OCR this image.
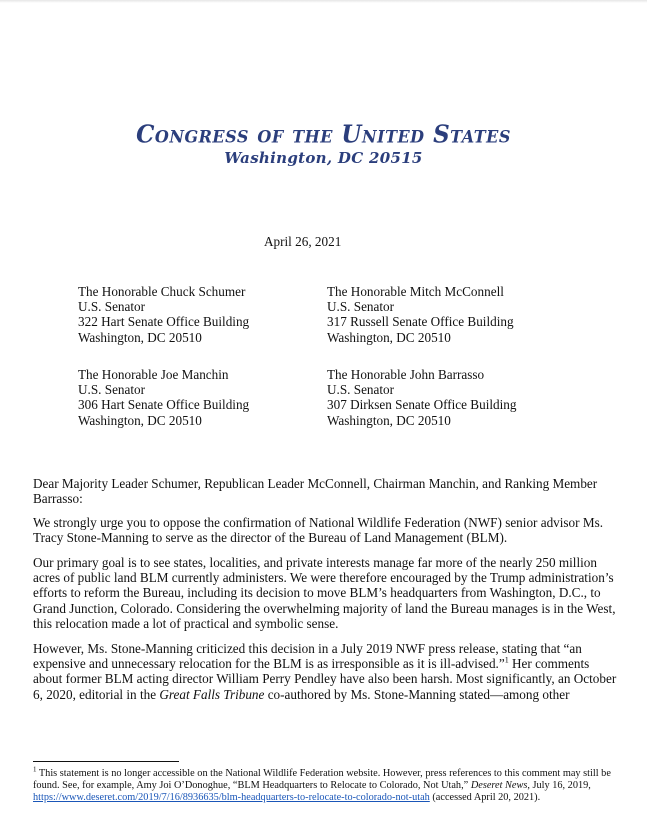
Congress of the United States
Washington, DC 20515
April 26, 2021
The Honorable Chuck Schumer
U.S. Senator
322 Hart Senate Office Building
Washington, DC 20510
The Honorable Mitch McConnell
U.S. Senator
317 Russell Senate Office Building
Washington, DC 20510
The Honorable Joe Manchin
U.S. Senator
306 Hart Senate Office Building
Washington, DC 20510
The Honorable John Barrasso
U.S. Senator
307 Dirksen Senate Office Building
Washington, DC 20510
Dear Majority Leader Schumer, Republican Leader McConnell, Chairman Manchin, and Ranking Member Barrasso:
We strongly urge you to oppose the confirmation of National Wildlife Federation (NWF) senior advisor Ms. Tracy Stone-Manning to serve as the director of the Bureau of Land Management (BLM).
Our primary goal is to see states, localities, and private interests manage far more of the nearly 250 million acres of public land BLM currently administers. We were therefore encouraged by the Trump administration’s efforts to reform the Bureau, including its decision to move BLM’s headquarters from Washington, D.C., to Grand Junction, Colorado. Considering the overwhelming majority of land the Bureau manages is in the West, this relocation made a lot of practical and symbolic sense.
However, Ms. Stone-Manning criticized this decision in a July 2019 NWF press release, stating that “an expensive and unnecessary relocation for the BLM is as irresponsible as it is ill-advised.”$^1$ Her comments about former BLM acting director William Perry Pendley have also been harsh. Most significantly, an October 6, 2020, editorial in the Great Falls Tribune co-authored by Ms. Stone-Manning stated—among other
$^1$ This statement is no longer accessible on the National Wildlife Federation website. However, press references to this comment may still be found. See, for example, Amy Joi O’Donoghue, “BLM Headquarters to Relocate to Colorado, Not Utah,” Deseret News, July 16, 2019, https://www.deseret.com/2019/7/16/8936635/blm-headquarters-to-relocate-to-colorado-not-utah (accessed April 20, 2021).
